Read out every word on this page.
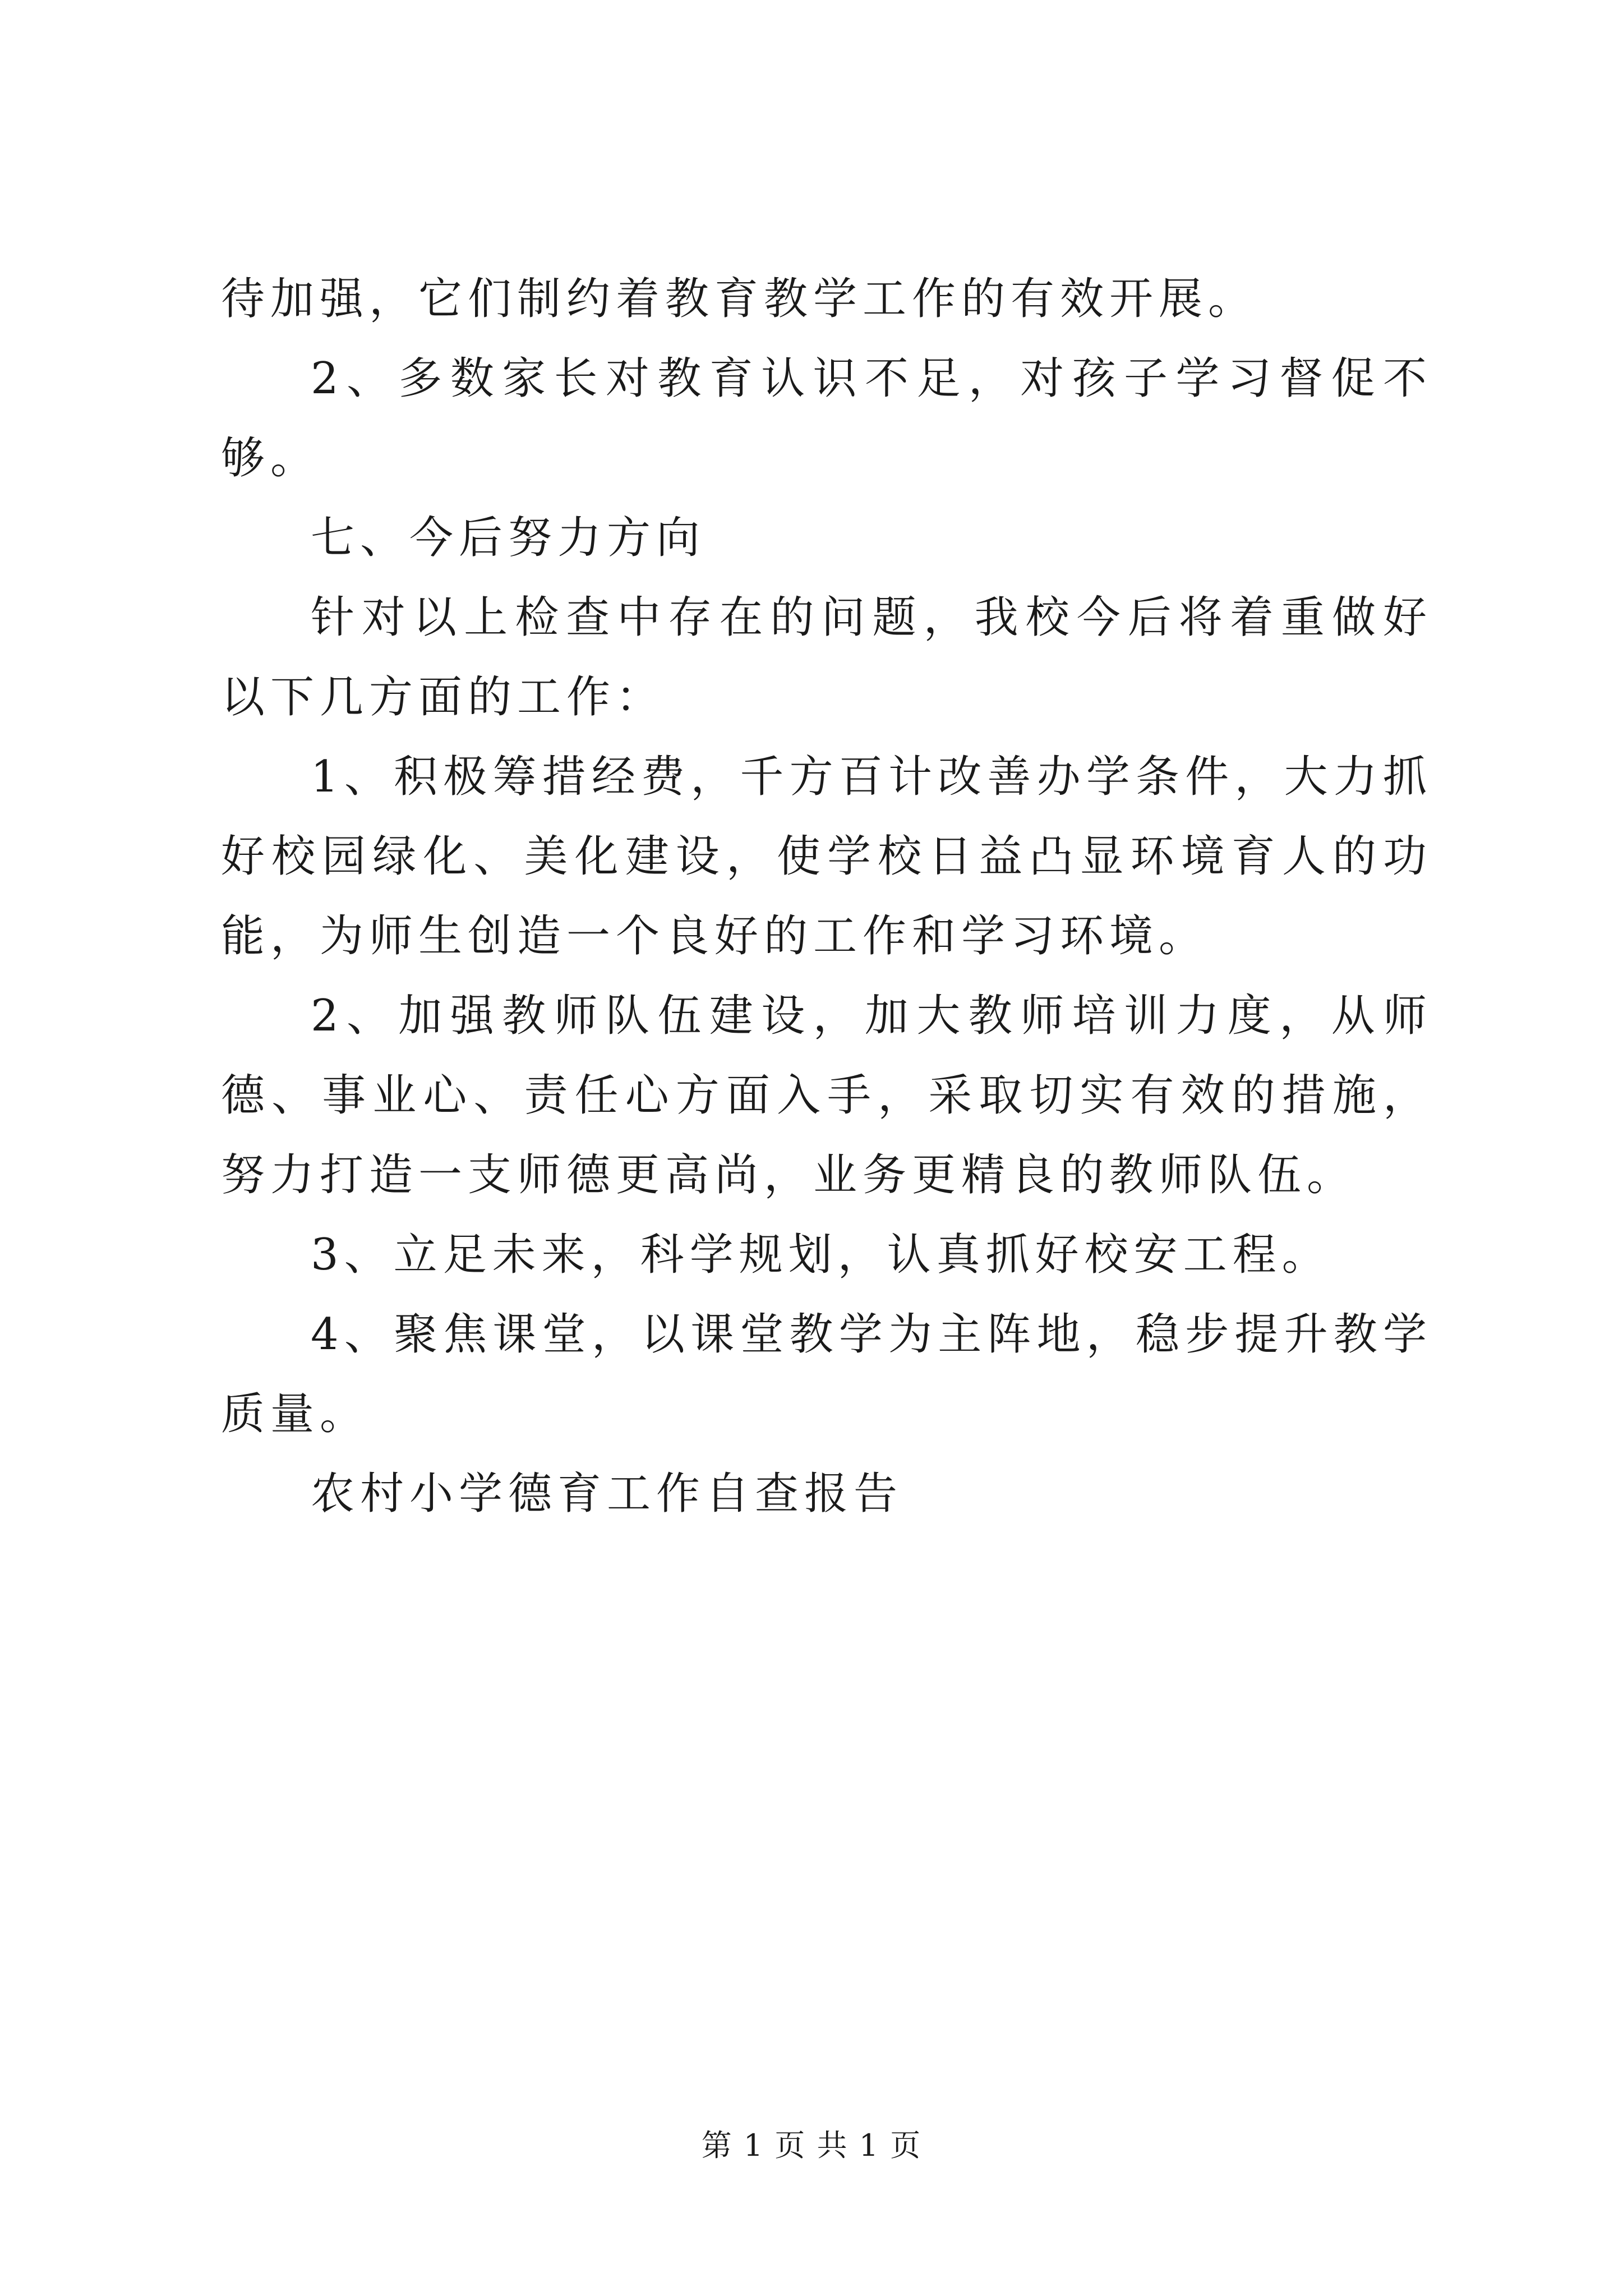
待加强，它们制约着教育教学工作的有效开展。

2、多数家长对教育认识不足，对孩子学习督促不够。

七、今后努力方向

针对以上检查中存在的问题，我校今后将着重做好以下几方面的工作：

1、积极筹措经费，千方百计改善办学条件，大力抓好校园绿化、美化建设，使学校日益凸显环境育人的功能，为师生创造一个良好的工作和学习环境。

2、加强教师队伍建设，加大教师培训力度，从师德、事业心、责任心方面入手，采取切实有效的措施，努力打造一支师德更高尚，业务更精良的教师队伍。

3、立足未来，科学规划，认真抓好校安工程。

4、聚焦课堂，以课堂教学为主阵地，稳步提升教学质量。

农村小学德育工作自查报告

第 1 页 共 1 页
